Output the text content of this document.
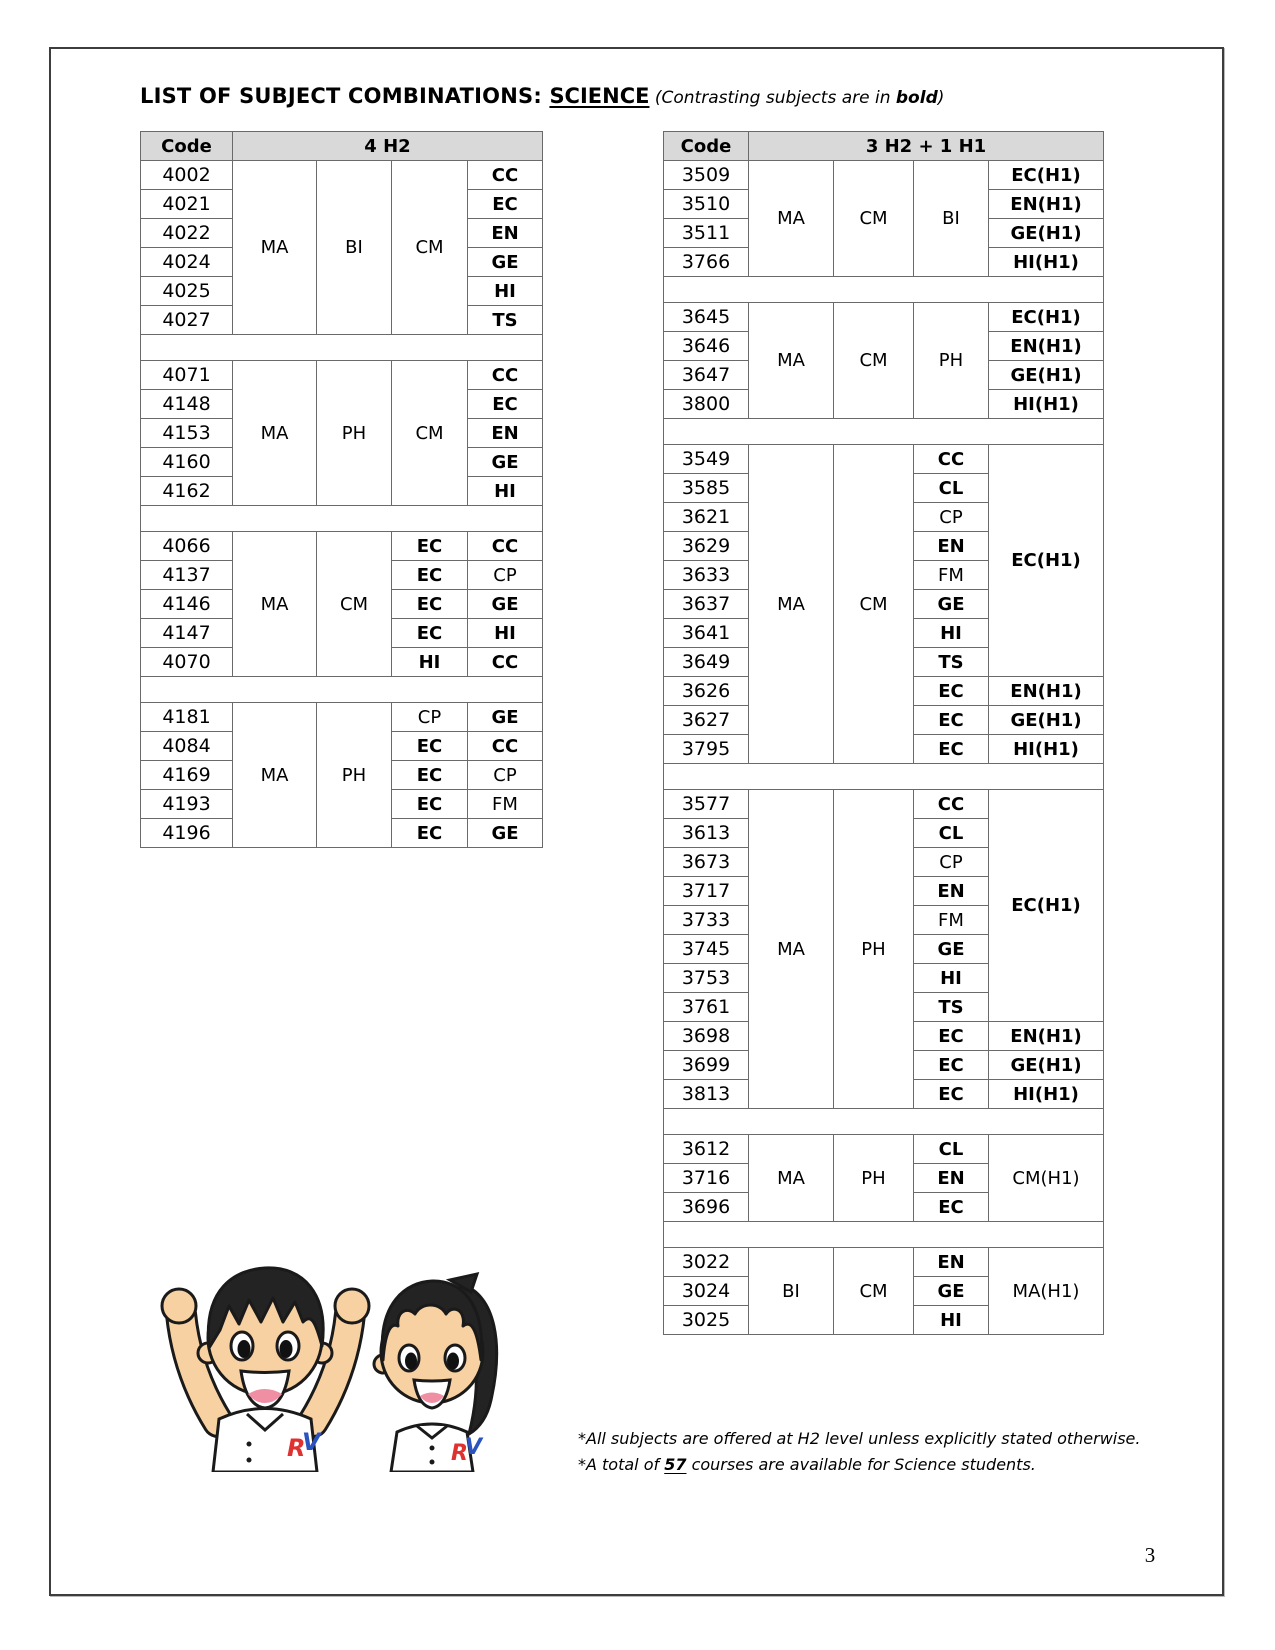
LIST OF SUBJECT COMBINATIONS: SCIENCE (Contrasting subjects are in bold)
Code	4 H2			
4002	MA	BI	CM	CC
4021				EC
4022				EN
4024				GE
4025				HI
4027				TS

4071	MA	PH	CM	CC
4148				EC
4153				EN
4160				GE
4162				HI

4066	MA	CM	EC	CC
4137			EC	CP
4146			EC	GE
4147			EC	HI
4070			HI	CC

4181	MA	PH	CP	GE
4084			EC	CC
4169			EC	CP
4193			EC	FM
4196			EC	GE
Code	3 H2 + 1 H1			
3509	MA	CM	BI	EC(H1)
3510				EN(H1)
3511				GE(H1)
3766				HI(H1)

3645	MA	CM	PH	EC(H1)
3646				EN(H1)
3647				GE(H1)
3800				HI(H1)

3549	MA	CM	CC	EC(H1)
3585			CL	
3621			CP	
3629			EN	
3633			FM	
3637			GE	
3641			HI	
3649			TS	
3626			EC	EN(H1)
3627			EC	GE(H1)
3795			EC	HI(H1)

3577	MA	PH	CC	EC(H1)
3613			CL	
3673			CP	
3717			EN	
3733			FM	
3745			GE	
3753			HI	
3761			TS	
3698			EC	EN(H1)
3699			EC	GE(H1)
3813			EC	HI(H1)

3612	MA	PH	CL	CM(H1)
3716			EN	
3696			EC	

3022	BI	CM	EN	MA(H1)
3024			GE	
3025			HI	
R
V	R
V	*All subjects are offered at H2 level unless explicitly stated otherwise.
*A total of 57 courses are available for Science students.
3
